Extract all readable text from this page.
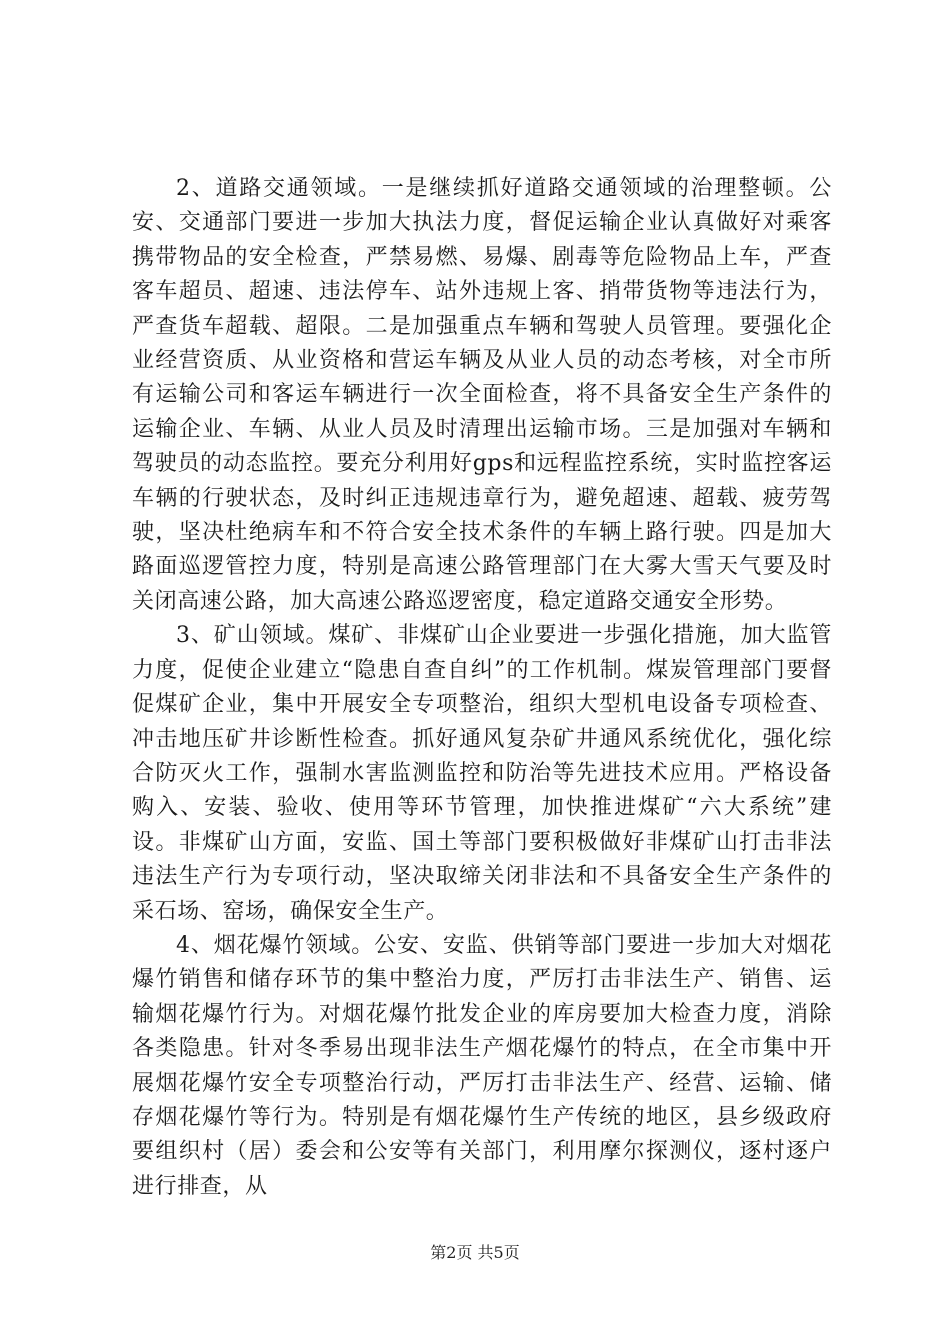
2、道路交通领域。一是继续抓好道路交通领域的治理整顿。公安、交通部门要进一步加大执法力度，督促运输企业认真做好对乘客携带物品的安全检查，严禁易燃、易爆、剧毒等危险物品上车，严查客车超员、超速、违法停车、站外违规上客、捎带货物等违法行为，严查货车超载、超限。二是加强重点车辆和驾驶人员管理。要强化企业经营资质、从业资格和营运车辆及从业人员的动态考核，对全市所有运输公司和客运车辆进行一次全面检查，将不具备安全生产条件的运输企业、车辆、从业人员及时清理出运输市场。三是加强对车辆和驾驶员的动态监控。要充分利用好gps和远程监控系统，实时监控客运车辆的行驶状态，及时纠正违规违章行为，避免超速、超载、疲劳驾驶，坚决杜绝病车和不符合安全技术条件的车辆上路行驶。四是加大路面巡逻管控力度，特别是高速公路管理部门在大雾大雪天气要及时关闭高速公路，加大高速公路巡逻密度，稳定道路交通安全形势。

3、矿山领域。煤矿、非煤矿山企业要进一步强化措施，加大监管力度，促使企业建立“隐患自查自纠”的工作机制。煤炭管理部门要督促煤矿企业，集中开展安全专项整治，组织大型机电设备专项检查、冲击地压矿井诊断性检查。抓好通风复杂矿井通风系统优化，强化综合防灭火工作，强制水害监测监控和防治等先进技术应用。严格设备购入、安装、验收、使用等环节管理，加快推进煤矿“六大系统”建设。非煤矿山方面，安监、国土等部门要积极做好非煤矿山打击非法违法生产行为专项行动，坚决取缔关闭非法和不具备安全生产条件的采石场、窑场，确保安全生产。

4、烟花爆竹领域。公安、安监、供销等部门要进一步加大对烟花爆竹销售和储存环节的集中整治力度，严厉打击非法生产、销售、运输烟花爆竹行为。对烟花爆竹批发企业的库房要加大检查力度，消除各类隐患。针对冬季易出现非法生产烟花爆竹的特点，在全市集中开展烟花爆竹安全专项整治行动，严厉打击非法生产、经营、运输、储存烟花爆竹等行为。特别是有烟花爆竹生产传统的地区，县乡级政府要组织村（居）委会和公安等有关部门，利用摩尔探测仪，逐村逐户进行排查，从

第2页 共5页
